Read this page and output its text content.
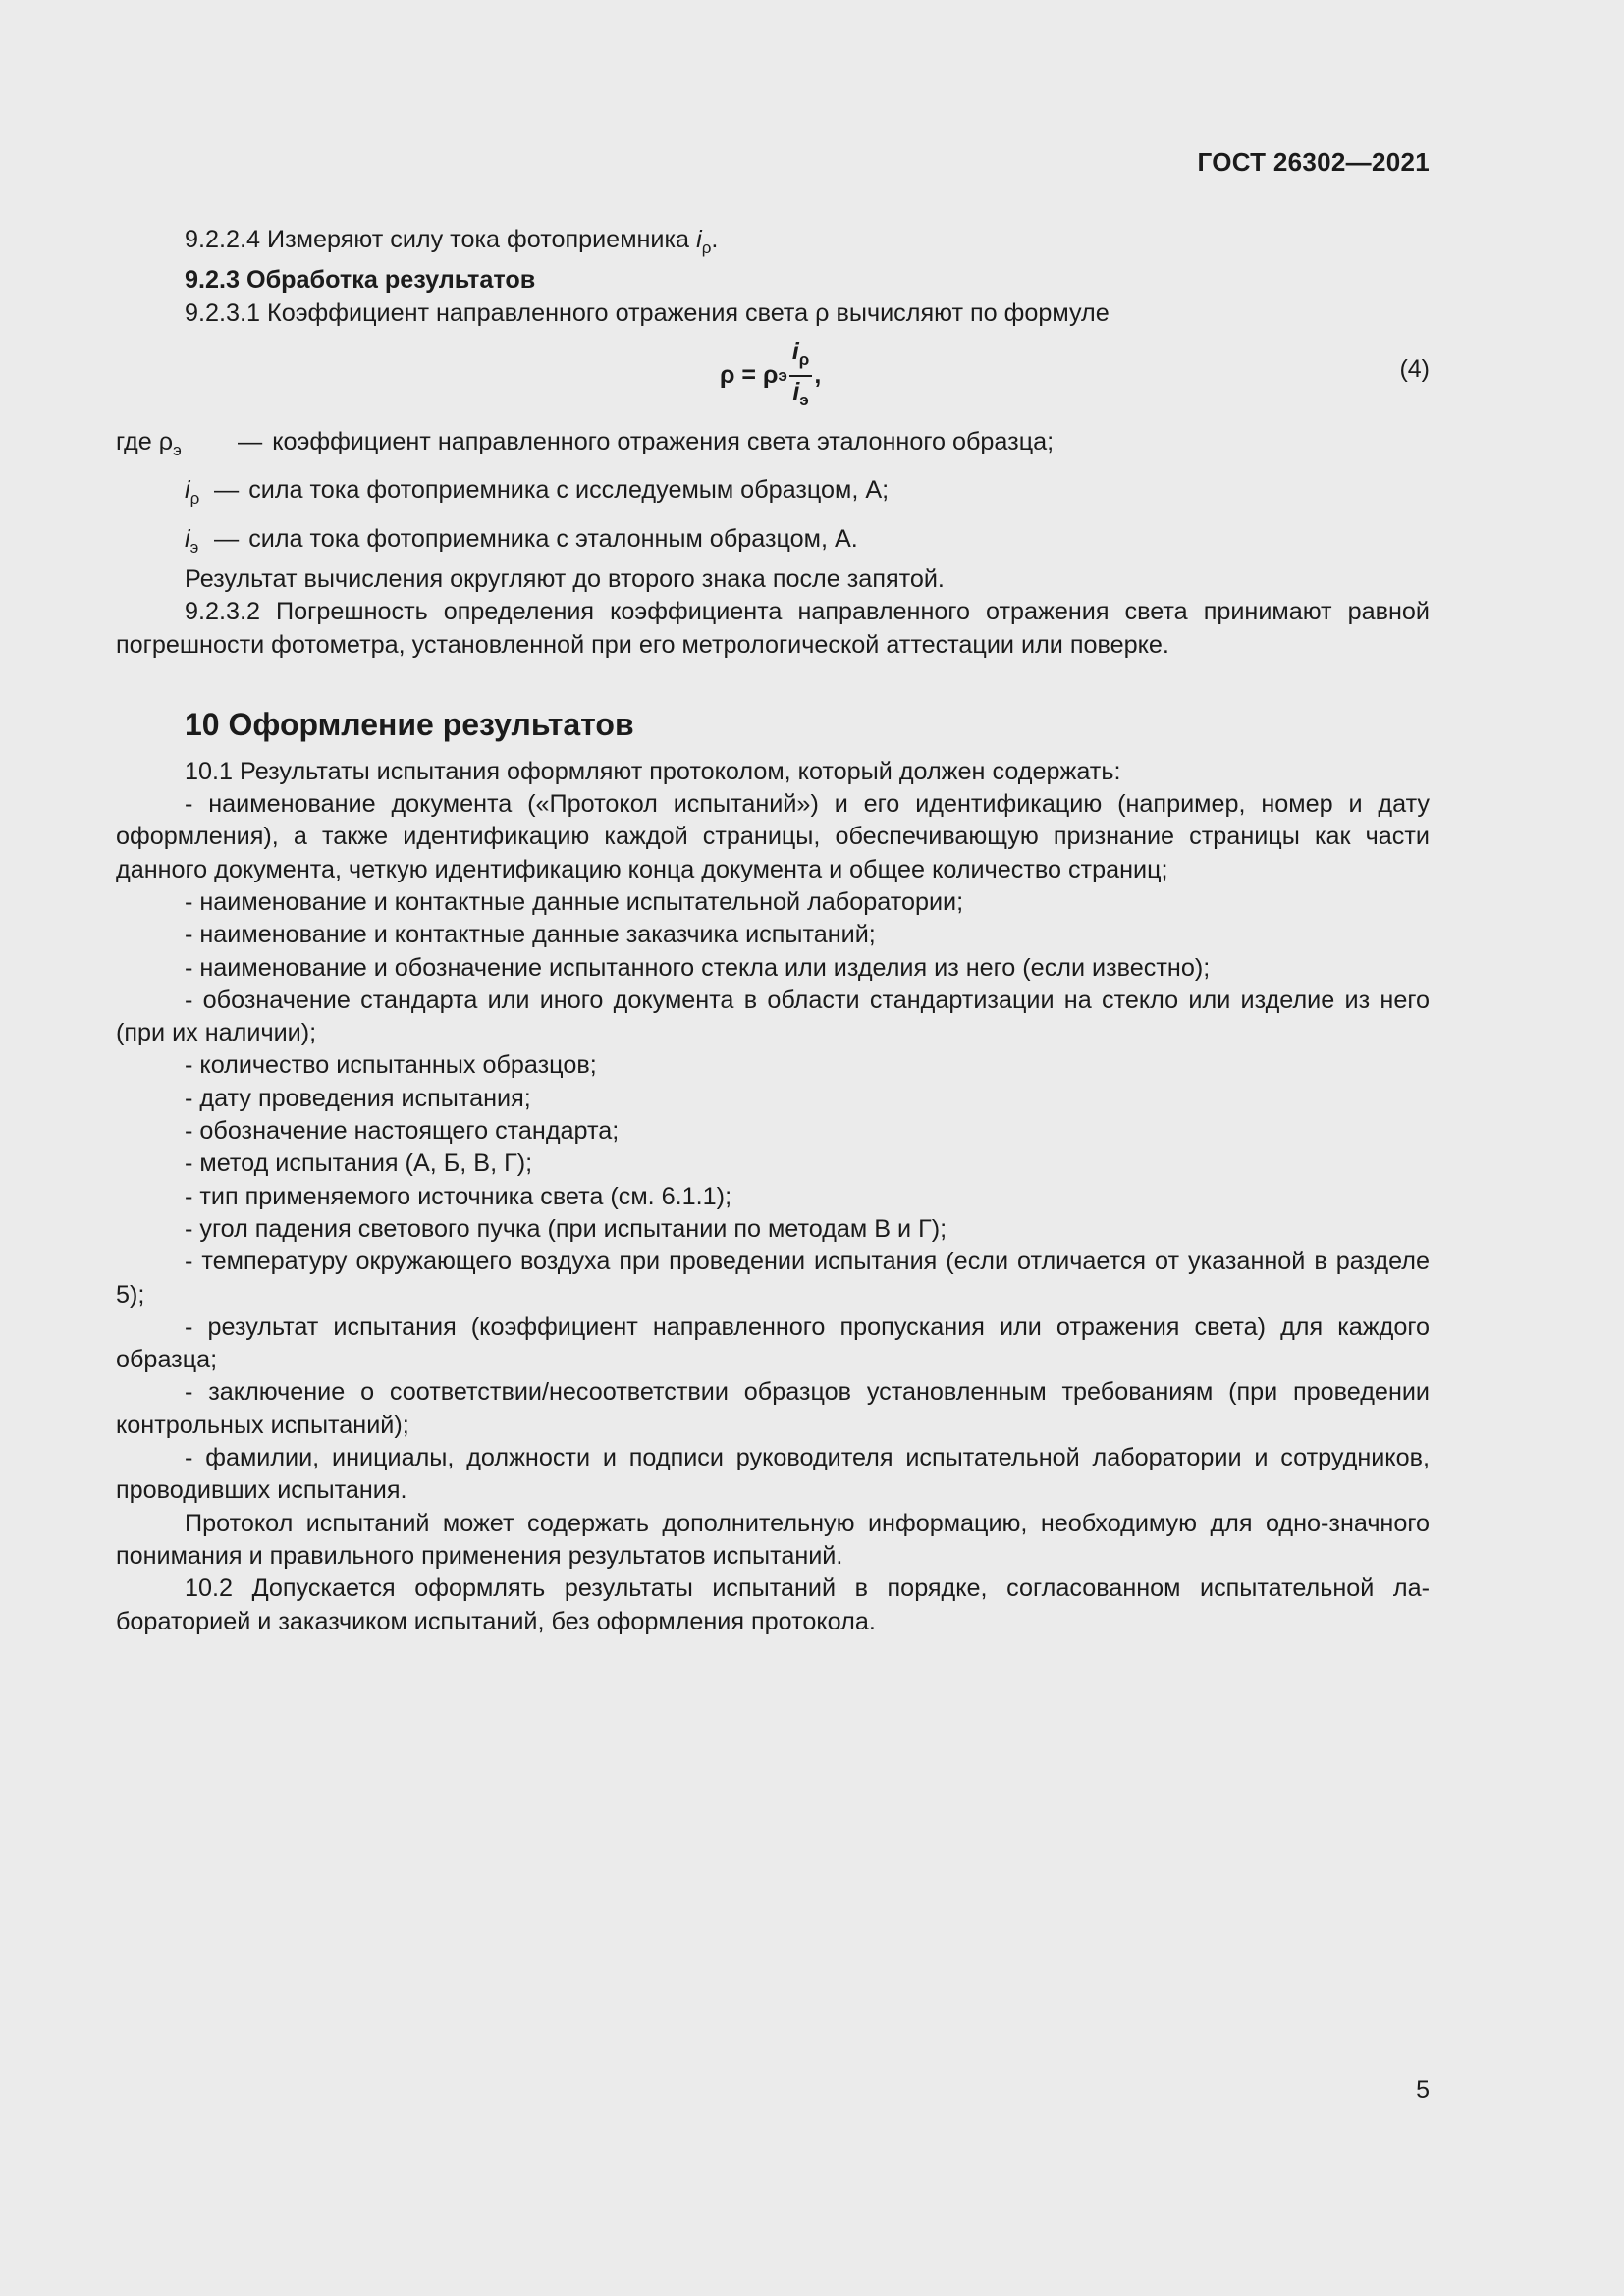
ГОСТ 26302—2021

9.2.2.4 Измеряют силу тока фотоприемника $i_\rho$.

9.2.3 Обработка результатов

9.2.3.1 Коэффициент направленного отражения света ρ вычисляют по формуле

ρ = ρ э $\frac{i_\rho}{i_э}$ ,	(4)
где $\rho_э$ — коэффициент направленного отражения света эталонного образца;
$i_\rho$ — сила тока фотоприемника с исследуемым образцом, А;
$i_э$ — сила тока фотоприемника с эталонным образцом, А.

Результат вычисления округляют до второго знака после запятой.

9.2.3.2 Погрешность определения коэффициента направленного отражения света принимают равной погрешности фотометра, установленной при его метрологической аттестации или поверке.

10 Оформление результатов

10.1 Результаты испытания оформляют протоколом, который должен содержать:

- наименование документа («Протокол испытаний») и его идентификацию (например, номер и дату оформления), а также идентификацию каждой страницы, обеспечивающую признание страницы как части данного документа, четкую идентификацию конца документа и общее количество страниц;

- наименование и контактные данные испытательной лаборатории;

- наименование и контактные данные заказчика испытаний;

- наименование и обозначение испытанного стекла или изделия из него (если известно);

- обозначение стандарта или иного документа в области стандартизации на стекло или изделие из него (при их наличии);

- количество испытанных образцов;

- дату проведения испытания;

- обозначение настоящего стандарта;

- метод испытания (А, Б, В, Г);

- тип применяемого источника света (см. 6.1.1);

- угол падения светового пучка (при испытании по методам В и Г);

- температуру окружающего воздуха при проведении испытания (если отличается от указанной в разделе 5);

- результат испытания (коэффициент направленного пропускания или отражения света) для каждого образца;

- заключение о соответствии/несоответствии образцов установленным требованиям (при проведении контрольных испытаний);

- фамилии, инициалы, должности и подписи руководителя испытательной лаборатории и сотрудников, проводивших испытания.

Протокол испытаний может содержать дополнительную информацию, необходимую для одно-значного понимания и правильного применения результатов испытаний.

10.2 Допускается оформлять результаты испытаний в порядке, согласованном испытательной ла-бораторией и заказчиком испытаний, без оформления протокола.

5
